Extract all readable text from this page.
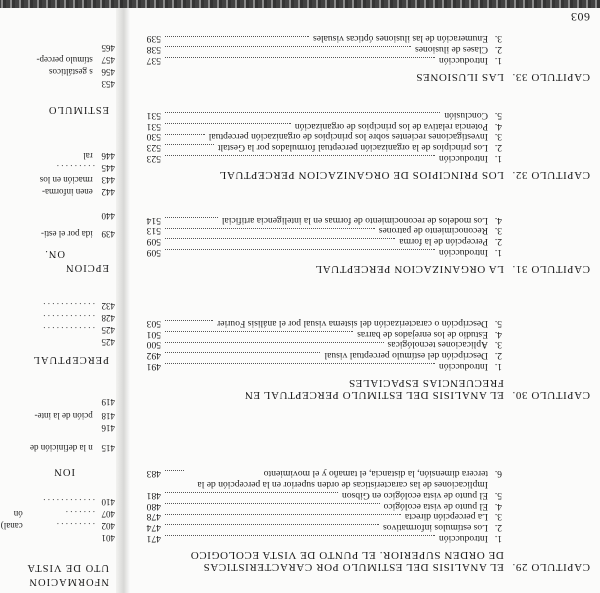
NFORMACION
UTO DE VISTA
401
402. . . . . . . . . canal)
407. . . . . . . ón
410. . . . . . . . . . . .
ION
415 n la definición de
416
418 pción de la inte-
419
PERCEPTUAL
425
425. . . . . . . . . . . .
428. . . . . . . . . . . .
432. . . . . . . . . . . .
EPCION
ON.
439 ida por el esti-
440
442 enen informa-
443 rmación en los
445. . . . . . . . .
446 ral
ESTIMULO
453
456 s gestálticos
457 stímulo percep-
465
CAPITULO 29.
EL ANALISIS DEL ESTIMULO POR CARACTERISTICAS DE ORDEN SUPERIOR. EL PUNTO DE VISTA ECOLOGICO
1.
Introducción
471
2.
Los estímulos informativos
474
3.
La percepción directa
478
4.
El punto de vista ecológico
480
5.
El punto de vista ecológico en Gibson
481
6.
Implicaciones de las características de orden superior en la percepción de la tercera dimensión, la distancia, el tamaño y el movimiento
483
CAPITULO 30.
EL ANALISIS DEL ESTIMULO PERCEPTUAL EN FRECUENCIAS ESPACIALES
1.
Introducción
491
2.
Descripción del estímulo perceptual visual
492
3.
Aplicaciones tecnológicas
500
4.
Estudio de los enrejados de barras
501
5.
Descripción o caracterización del sistema visual por el análisis Fourier
503
CAPITULO 31.
LA ORGANIZACION PERCEPTUAL
1.
Introducción
509
2.
Percepción de la forma
509
3.
Reconocimiento de patrones
513
4.
Los modelos de reconocimiento de formas en la inteligencia artificial
514
CAPITULO 32.
LOS PRINCIPIOS DE ORGANIZACION PERCEPTUAL
1.
Introducción
523
2.
Los principios de la organización perceptual formulados por la Gestalt
523
3.
Investigaciones recientes sobre los principios de organización perceptual
530
4.
Potencia relativa de los principios de organización
531
5.
Conclusión
531
CAPITULO 33.
LAS ILUSIONES
1.
Introducción
537
2.
Clases de ilusiones
538
3.
Enumeración de las ilusiones ópticas visuales
539
603
